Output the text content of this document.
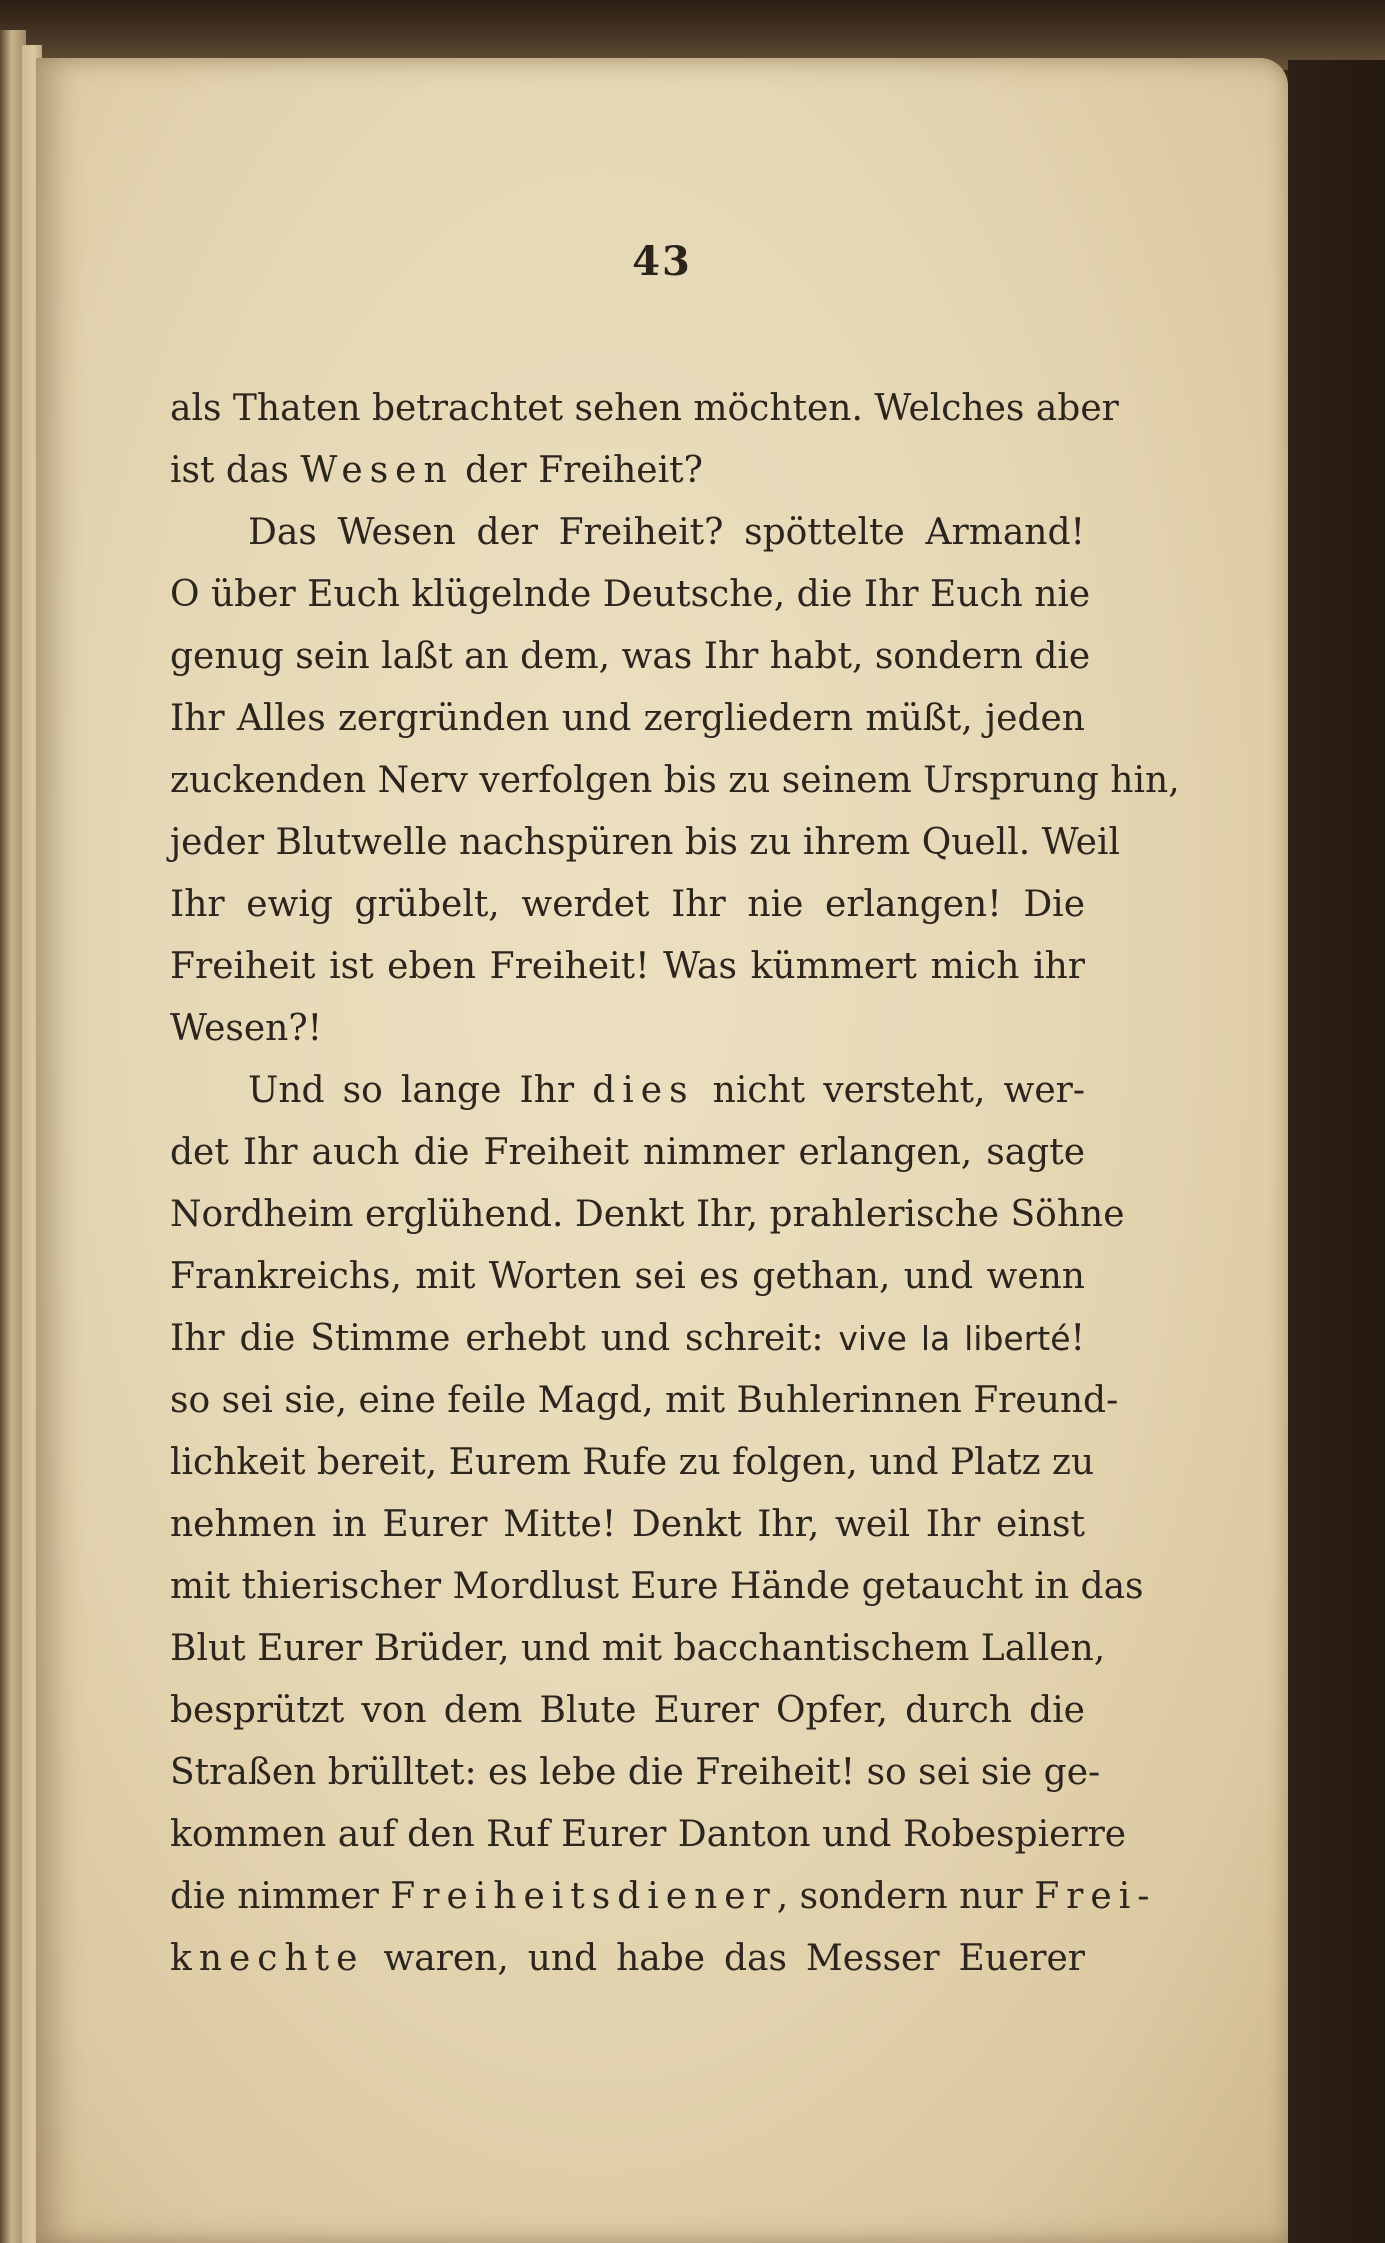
43
als Thaten betrachtet sehen möchten. Welches aber
ist das Wesen der Freiheit?
Das Wesen der Freiheit? spöttelte Armand!
O über Euch klügelnde Deutsche, die Ihr Euch nie
genug sein laßt an dem, was Ihr habt, sondern die
Ihr Alles zergründen und zergliedern müßt, jeden
zuckenden Nerv verfolgen bis zu seinem Ursprung hin,
jeder Blutwelle nachspüren bis zu ihrem Quell. Weil
Ihr ewig grübelt, werdet Ihr nie erlangen! Die
Freiheit ist eben Freiheit! Was kümmert mich ihr
Wesen?!
Und so lange Ihr dies nicht versteht, wer-
det Ihr auch die Freiheit nimmer erlangen, sagte
Nordheim erglühend. Denkt Ihr, prahlerische Söhne
Frankreichs, mit Worten sei es gethan, und wenn
Ihr die Stimme erhebt und schreit: vive la liberté!
so sei sie, eine feile Magd, mit Buhlerinnen Freund-
lichkeit bereit, Eurem Rufe zu folgen, und Platz zu
nehmen in Eurer Mitte! Denkt Ihr, weil Ihr einst
mit thierischer Mordlust Eure Hände getaucht in das
Blut Eurer Brüder, und mit bacchantischem Lallen,
besprützt von dem Blute Eurer Opfer, durch die
Straßen brülltet: es lebe die Freiheit! so sei sie ge-
kommen auf den Ruf Eurer Danton und Robespierre
die nimmer Freiheitsdiener, sondern nur Frei-
knechte waren, und habe das Messer Euerer
